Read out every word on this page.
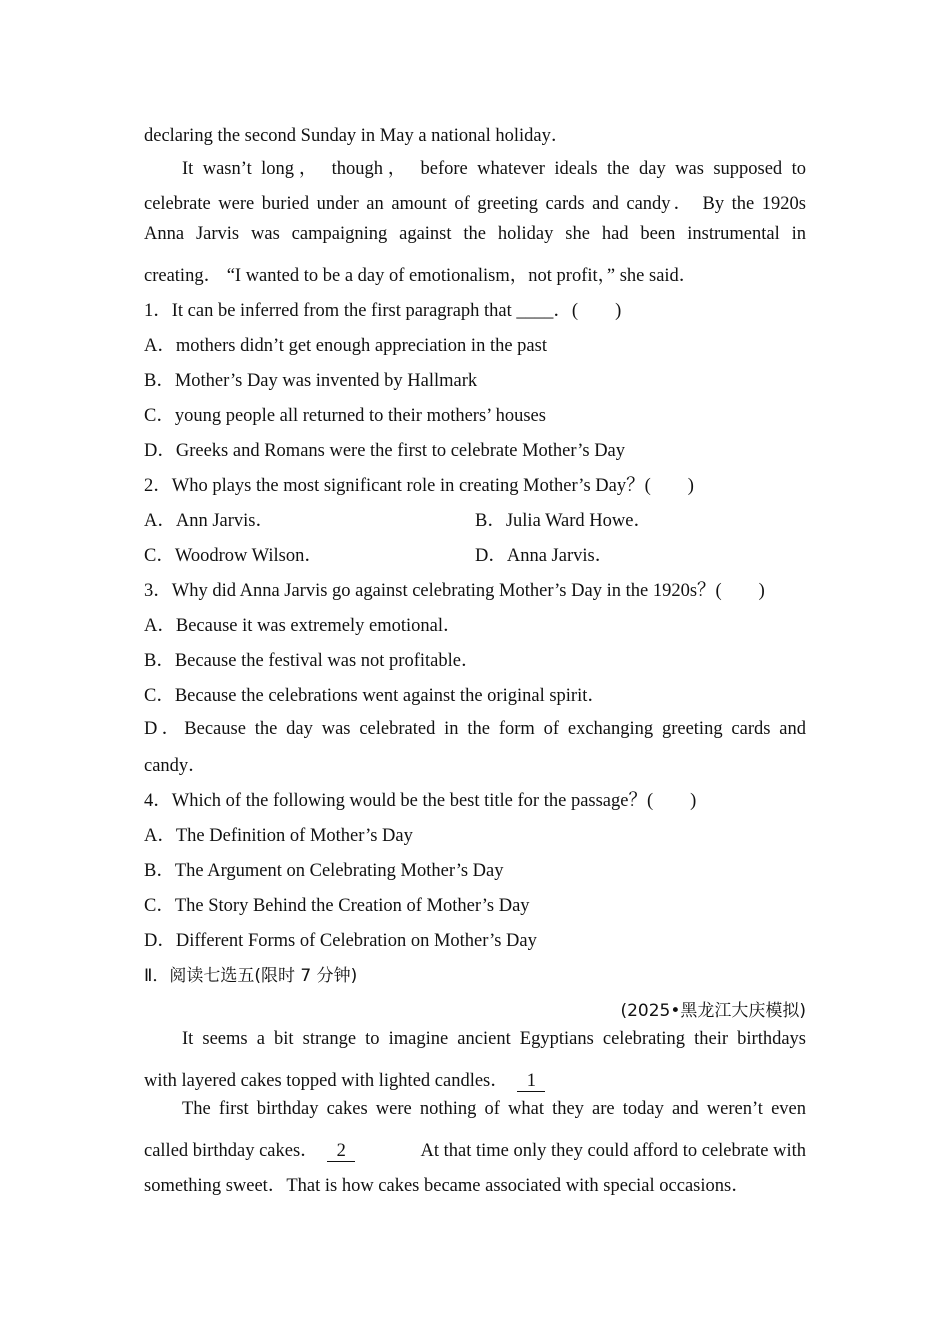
declaring the second Sunday in May a national holiday．
It wasn’t long， though， before whatever ideals the day was supposed to
celebrate were buried under an amount of greeting cards and candy． By the 1920s
Anna Jarvis was campaigning against the holiday she had been instrumental in
creating． “I wanted to be a day of emotionalism，not profit，” she said．
1．It can be inferred from the first paragraph that ____．(　　)
A．mothers didn’t get enough appreciation in the past
B．Mother’s Day was invented by Hallmark
C．young people all returned to their mothers’ houses
D．Greeks and Romans were the first to celebrate Mother’s Day
2．Who plays the most significant role in creating Mother’s Day？(　　)
A．Ann Jarvis．	B．Julia Ward Howe．
C．Woodrow Wilson．	D．Anna Jarvis．
3．Why did Anna Jarvis go against celebrating Mother’s Day in the 1920s？(　　)
A．Because it was extremely emotional．
B．Because the festival was not profitable．
C．Because the celebrations went against the original spirit．
D．Because the day was celebrated in the form of exchanging greeting cards and
candy．
4．Which of the following would be the best title for the passage？(　　)
A．The Definition of Mother’s Day
B．The Argument on Celebrating Mother’s Day
C．The Story Behind the Creation of Mother’s Day
D．Different Forms of Celebration on Mother’s Day
Ⅱ．阅读七选五(限时 7 分钟)
(2025•黑龙江大庆模拟)
It seems a bit strange to imagine ancient Egyptians celebrating their birthdays
with layered cakes topped with lighted candles． 1
The first birthday cakes were nothing of what they are today and weren’t even
called birthday cakes． 2	At that time only they could afford to celebrate with
something sweet．That is how cakes became associated with special occasions．
